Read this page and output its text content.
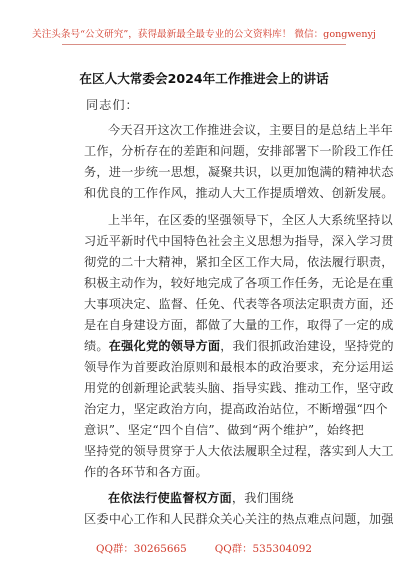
关注头条号“公文研究”，获得最新最全最专业的公文资料库！ 微信：gongwenyj
在区人大常委会2024年工作推进会上的讲话
同志们：
今天召开这次工作推进会议，主要目的是总结上半年
工作，分析存在的差距和问题，安排部署下一阶段工作任
务，进一步统一思想，凝聚共识，以更加饱满的精神状态
和优良的工作作风，推动人大工作提质增效、创新发展。
上半年，在区委的坚强领导下，全区人大系统坚持以
习近平新时代中国特色社会主义思想为指导，深入学习贯
彻党的二十大精神，紧扣全区工作大局，依法履行职责，
积极主动作为，较好地完成了各项工作任务，无论是在重
大事项决定、监督、任免、代表等各项法定职责方面，还
是在自身建设方面，都做了大量的工作，取得了一定的成
绩。在强化党的领导方面，我们很抓政治建设，坚持党的
领导作为首要政治原则和最根本的政治要求，充分运用运
用党的创新理论武装头脑、指导实践、推动工作，坚守政
治定力，坚定政治方向，提高政治站位，不断增强“四个
意识”、坚定“四个自信”、做到“两个维护”，始终把
坚持党的领导贯穿于人大依法履职全过程，落实到人大工
作的各环节和各方面。
在依法行使监督权方面，我们围绕
区委中心工作和人民群众关心关注的热点难点问题，加强
QQ群：30265665	QQ群：535304092
